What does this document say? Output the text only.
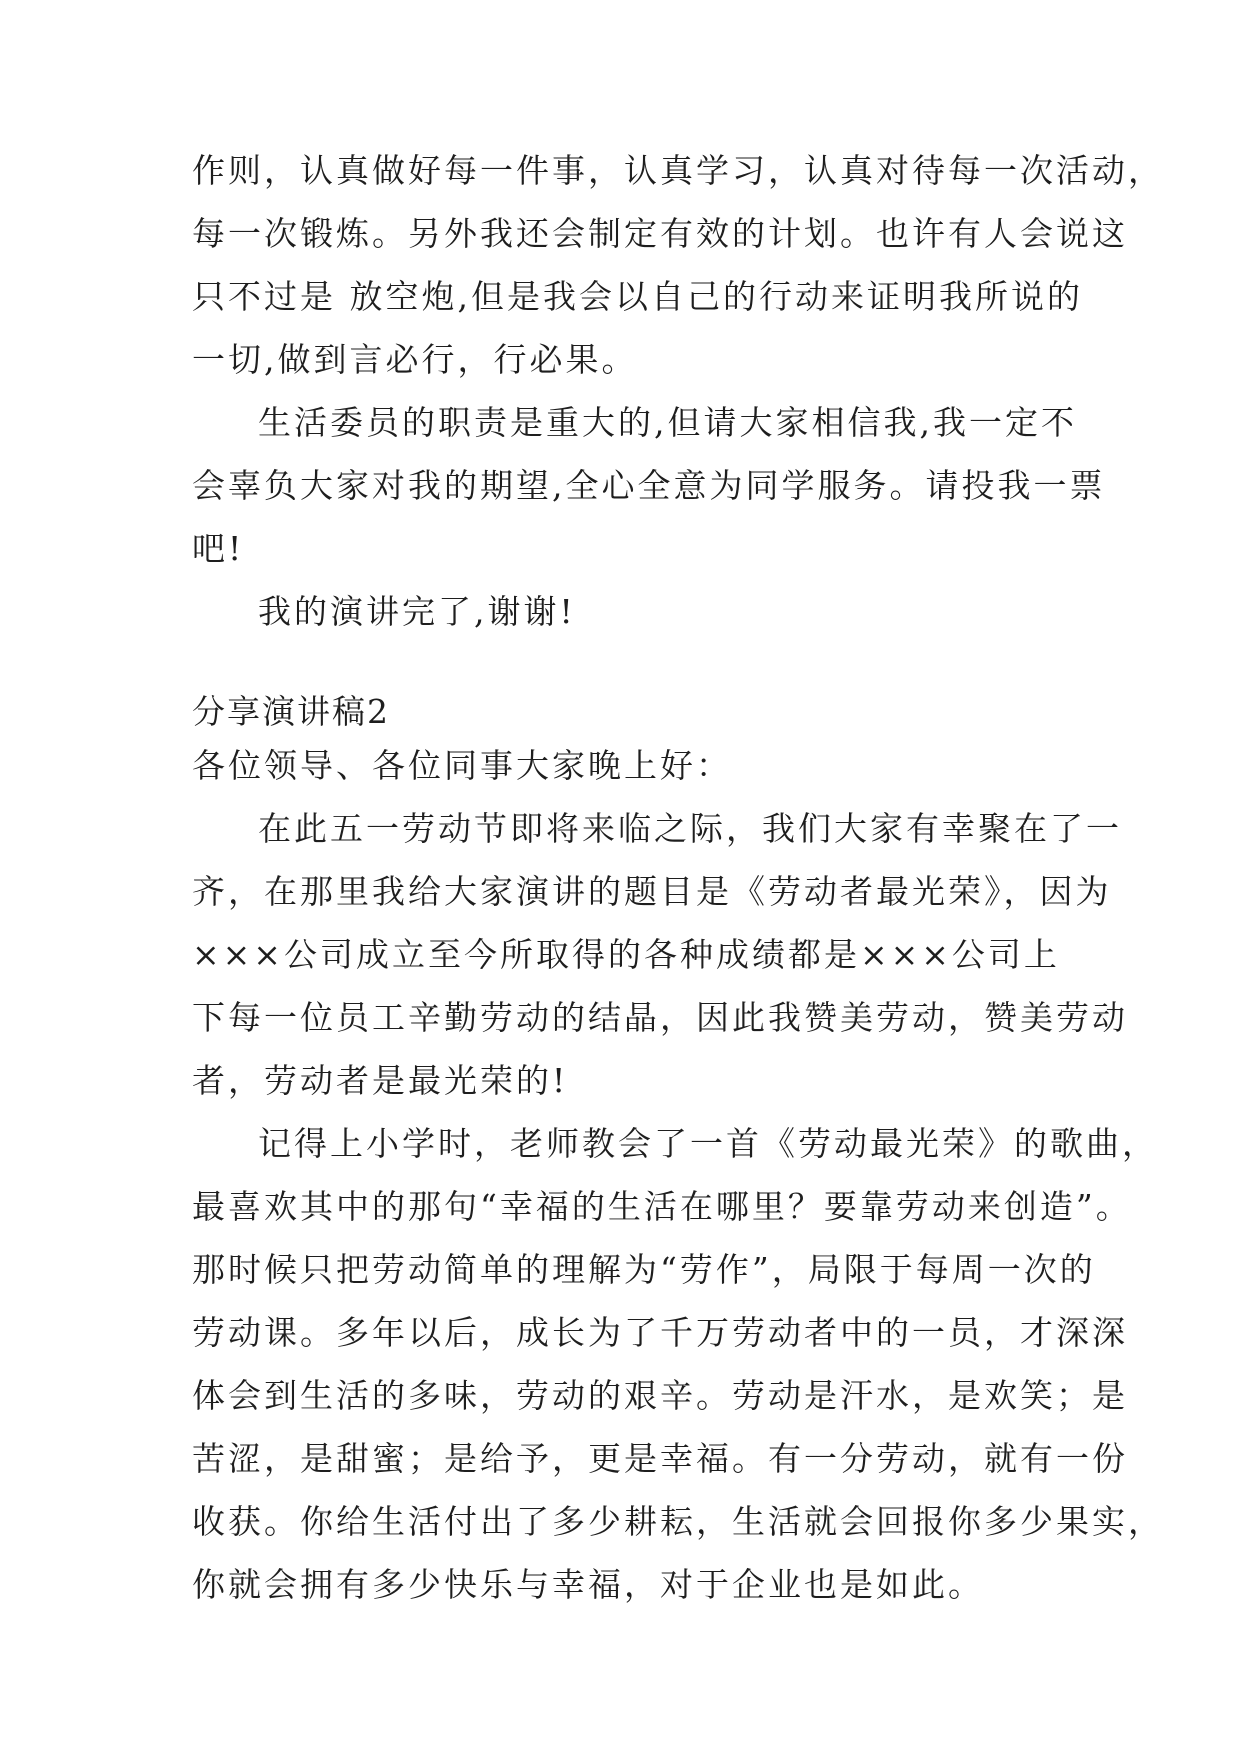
作则，认真做好每一件事，认真学习，认真对待每一次活动，
每一次锻炼。另外我还会制定有效的计划。也许有人会说这
只不过是 放空炮,但是我会以自己的行动来证明我所说的
一切,做到言必行，行必果。
生活委员的职责是重大的,但请大家相信我,我一定不
会辜负大家对我的期望,全心全意为同学服务。请投我一票
吧!
我的演讲完了,谢谢!
分享演讲稿2
各位领导、各位同事大家晚上好：
在此五一劳动节即将来临之际，我们大家有幸聚在了一
齐，在那里我给大家演讲的题目是《劳动者最光荣》，因为
×××公司成立至今所取得的各种成绩都是×××公司上
下每一位员工辛勤劳动的结晶，因此我赞美劳动，赞美劳动
者，劳动者是最光荣的!
记得上小学时，老师教会了一首《劳动最光荣》的歌曲，
最喜欢其中的那句“幸福的生活在哪里？要靠劳动来创造”。
那时候只把劳动简单的理解为“劳作”，局限于每周一次的
劳动课。多年以后，成长为了千万劳动者中的一员，才深深
体会到生活的多味，劳动的艰辛。劳动是汗水，是欢笑；是
苦涩，是甜蜜；是给予，更是幸福。有一分劳动，就有一份
收获。你给生活付出了多少耕耘，生活就会回报你多少果实，
你就会拥有多少快乐与幸福，对于企业也是如此。
